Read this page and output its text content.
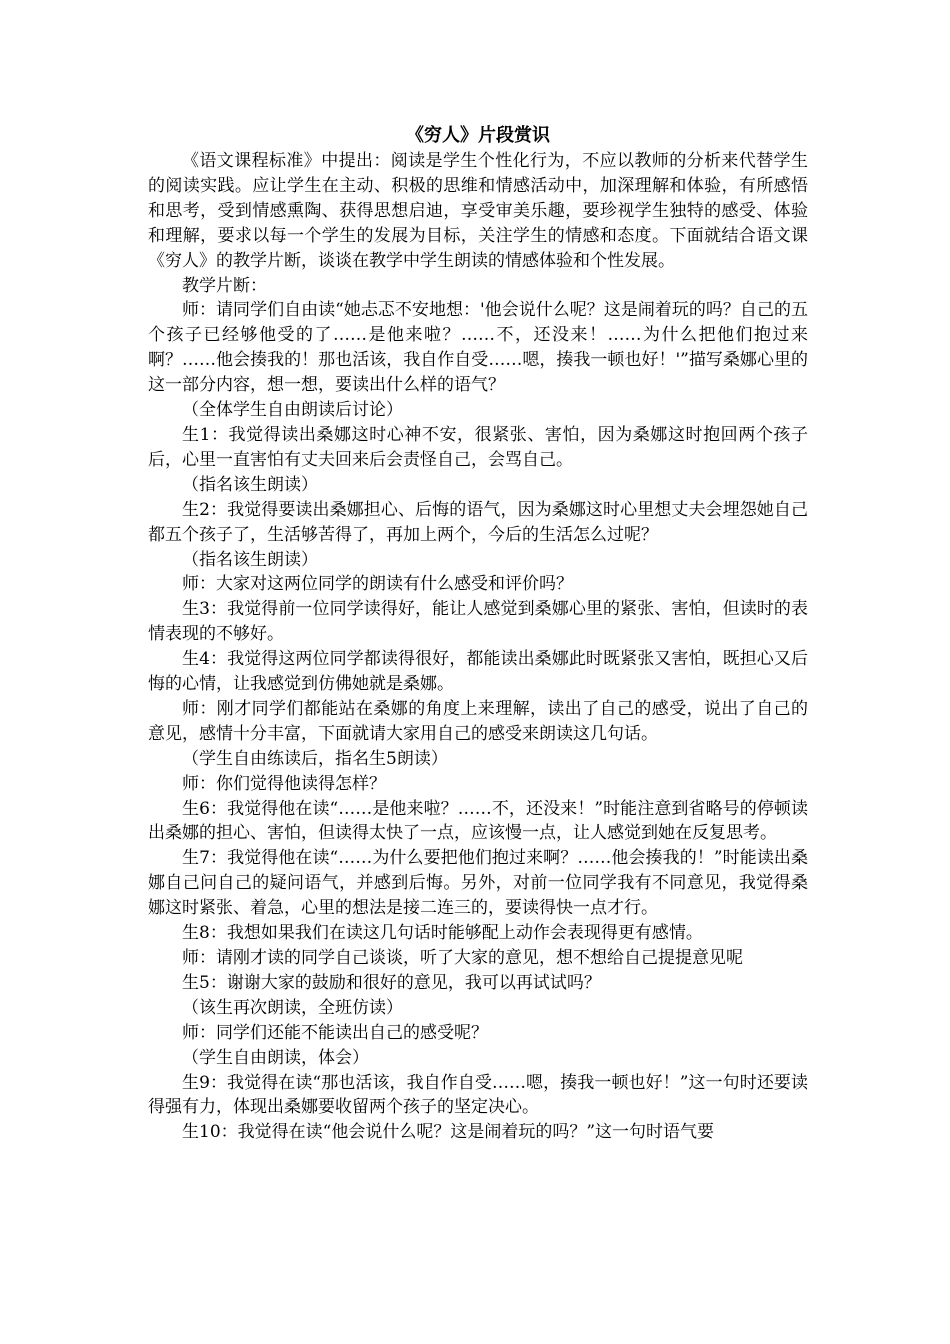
《穷人》片段赏识

《语文课程标准》中提出：阅读是学生个性化行为，不应以教师的分析来代替学生的阅读实践。应让学生在主动、积极的思维和情感活动中，加深理解和体验，有所感悟和思考，受到情感熏陶、获得思想启迪，享受审美乐趣，要珍视学生独特的感受、体验和理解，要求以每一个学生的发展为目标，关注学生的情感和态度。下面就结合语文课《穷人》的教学片断，谈谈在教学中学生朗读的情感体验和个性发展。

教学片断：

师：请同学们自由读“她忐忑不安地想：'他会说什么呢？这是闹着玩的吗？自己的五个孩子已经够他受的了……是他来啦？……不，还没来！……为什么把他们抱过来啊？……他会揍我的！那也活该，我自作自受……嗯，揍我一顿也好！'”描写桑娜心里的这一部分内容，想一想，要读出什么样的语气？

（全体学生自由朗读后讨论）

生1：我觉得读出桑娜这时心神不安，很紧张、害怕，因为桑娜这时抱回两个孩子后，心里一直害怕有丈夫回来后会责怪自己，会骂自己。

（指名该生朗读）

生2：我觉得要读出桑娜担心、后悔的语气，因为桑娜这时心里想丈夫会埋怨她自己都五个孩子了，生活够苦得了，再加上两个，今后的生活怎么过呢？

（指名该生朗读）

师：大家对这两位同学的朗读有什么感受和评价吗？

生3：我觉得前一位同学读得好，能让人感觉到桑娜心里的紧张、害怕，但读时的表情表现的不够好。

生4：我觉得这两位同学都读得很好，都能读出桑娜此时既紧张又害怕，既担心又后悔的心情，让我感觉到仿佛她就是桑娜。

师：刚才同学们都能站在桑娜的角度上来理解，读出了自己的感受，说出了自己的意见，感情十分丰富，下面就请大家用自己的感受来朗读这几句话。

（学生自由练读后，指名生5朗读）

师：你们觉得他读得怎样？

生6：我觉得他在读“……是他来啦？……不，还没来！”时能注意到省略号的停顿读出桑娜的担心、害怕，但读得太快了一点，应该慢一点，让人感觉到她在反复思考。

生7：我觉得他在读“……为什么要把他们抱过来啊？……他会揍我的！”时能读出桑娜自己问自己的疑问语气，并感到后悔。另外，对前一位同学我有不同意见，我觉得桑娜这时紧张、着急，心里的想法是接二连三的，要读得快一点才行。

生8：我想如果我们在读这几句话时能够配上动作会表现得更有感情。

师：请刚才读的同学自己谈谈，听了大家的意见，想不想给自己提提意见呢

生5：谢谢大家的鼓励和很好的意见，我可以再试试吗？

（该生再次朗读，全班仿读）

师：同学们还能不能读出自己的感受呢？

（学生自由朗读，体会）

生9：我觉得在读“那也活该，我自作自受……嗯，揍我一顿也好！”这一句时还要读得强有力，体现出桑娜要收留两个孩子的坚定决心。

生10：我觉得在读“他会说什么呢？这是闹着玩的吗？”这一句时语气要
